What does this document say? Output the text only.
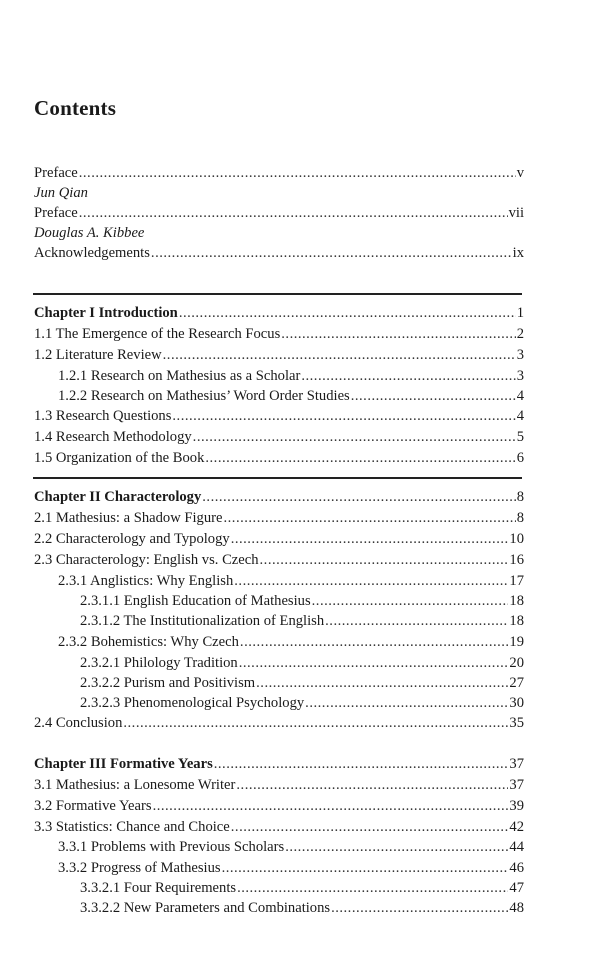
Contents
Preface .....	v
Jun Qian
Preface .....	vii
Douglas A. Kibbee
Acknowledgements .....	ix
Chapter I Introduction .....	1
1.1 The Emergence of the Research Focus .....	2
1.2 Literature Review .....	3
1.2.1 Research on Mathesius as a Scholar .....	3
1.2.2 Research on Mathesius’ Word Order Studies .....	4
1.3 Research Questions .....	4
1.4 Research Methodology .....	5
1.5 Organization of the Book .....	6
Chapter II Characterology .....	8
2.1 Mathesius: a Shadow Figure .....	8
2.2 Characterology and Typology .....	10
2.3 Characterology: English vs. Czech .....	16
2.3.1 Anglistics: Why English .....	17
2.3.1.1 English Education of Mathesius .....	18
2.3.1.2 The Institutionalization of English .....	18
2.3.2 Bohemistics: Why Czech .....	19
2.3.2.1 Philology Tradition .....	20
2.3.2.2 Purism and Positivism .....	27
2.3.2.3 Phenomenological Psychology .....	30
2.4 Conclusion .....	35
Chapter III Formative Years .....	37
3.1 Mathesius: a Lonesome Writer .....	37
3.2 Formative Years .....	39
3.3 Statistics: Chance and Choice .....	42
3.3.1 Problems with Previous Scholars .....	44
3.3.2 Progress of Mathesius .....	46
3.3.2.1 Four Requirements .....	47
3.3.2.2 New Parameters and Combinations .....	48
